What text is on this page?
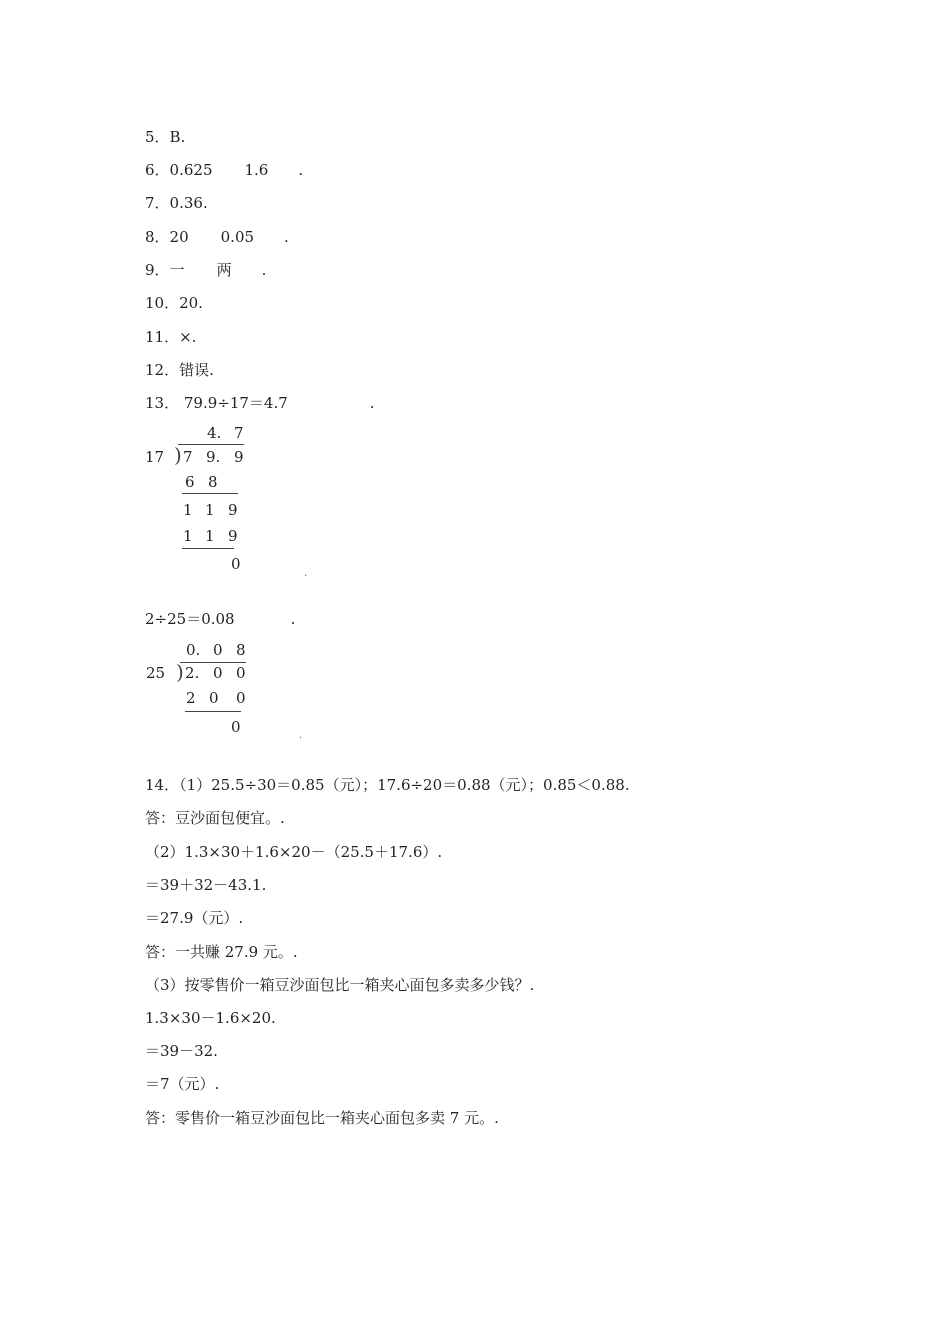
5．B.
6．0.625 1.6 .
7．0.36.
8．20 0.05 .
9．一 两 .
10．20.
11．×.
12．错误.
13． 79.9÷17＝4.7	.
4. 7
17 ) 7 9. 9
6 8
1 1 9
1 1 9
0
.
2÷25＝0.08	.
0. 0 8
25 ) 2. 0 0
2 0 0
0	.
14．（1）25.5÷30＝0.85（元）；17.6÷20＝0.88（元）；0.85＜0.88.
答：豆沙面包便宜。.
（2）1.3×30＋1.6×20－（25.5＋17.6）.
＝39＋32－43.1.
＝27.9（元）.
答：一共赚 27.9 元。.
（3）按零售价一箱豆沙面包比一箱夹心面包多卖多少钱？.
1.3×30－1.6×20.
＝39－32.
＝7（元）.
答：零售价一箱豆沙面包比一箱夹心面包多卖 7 元。.
